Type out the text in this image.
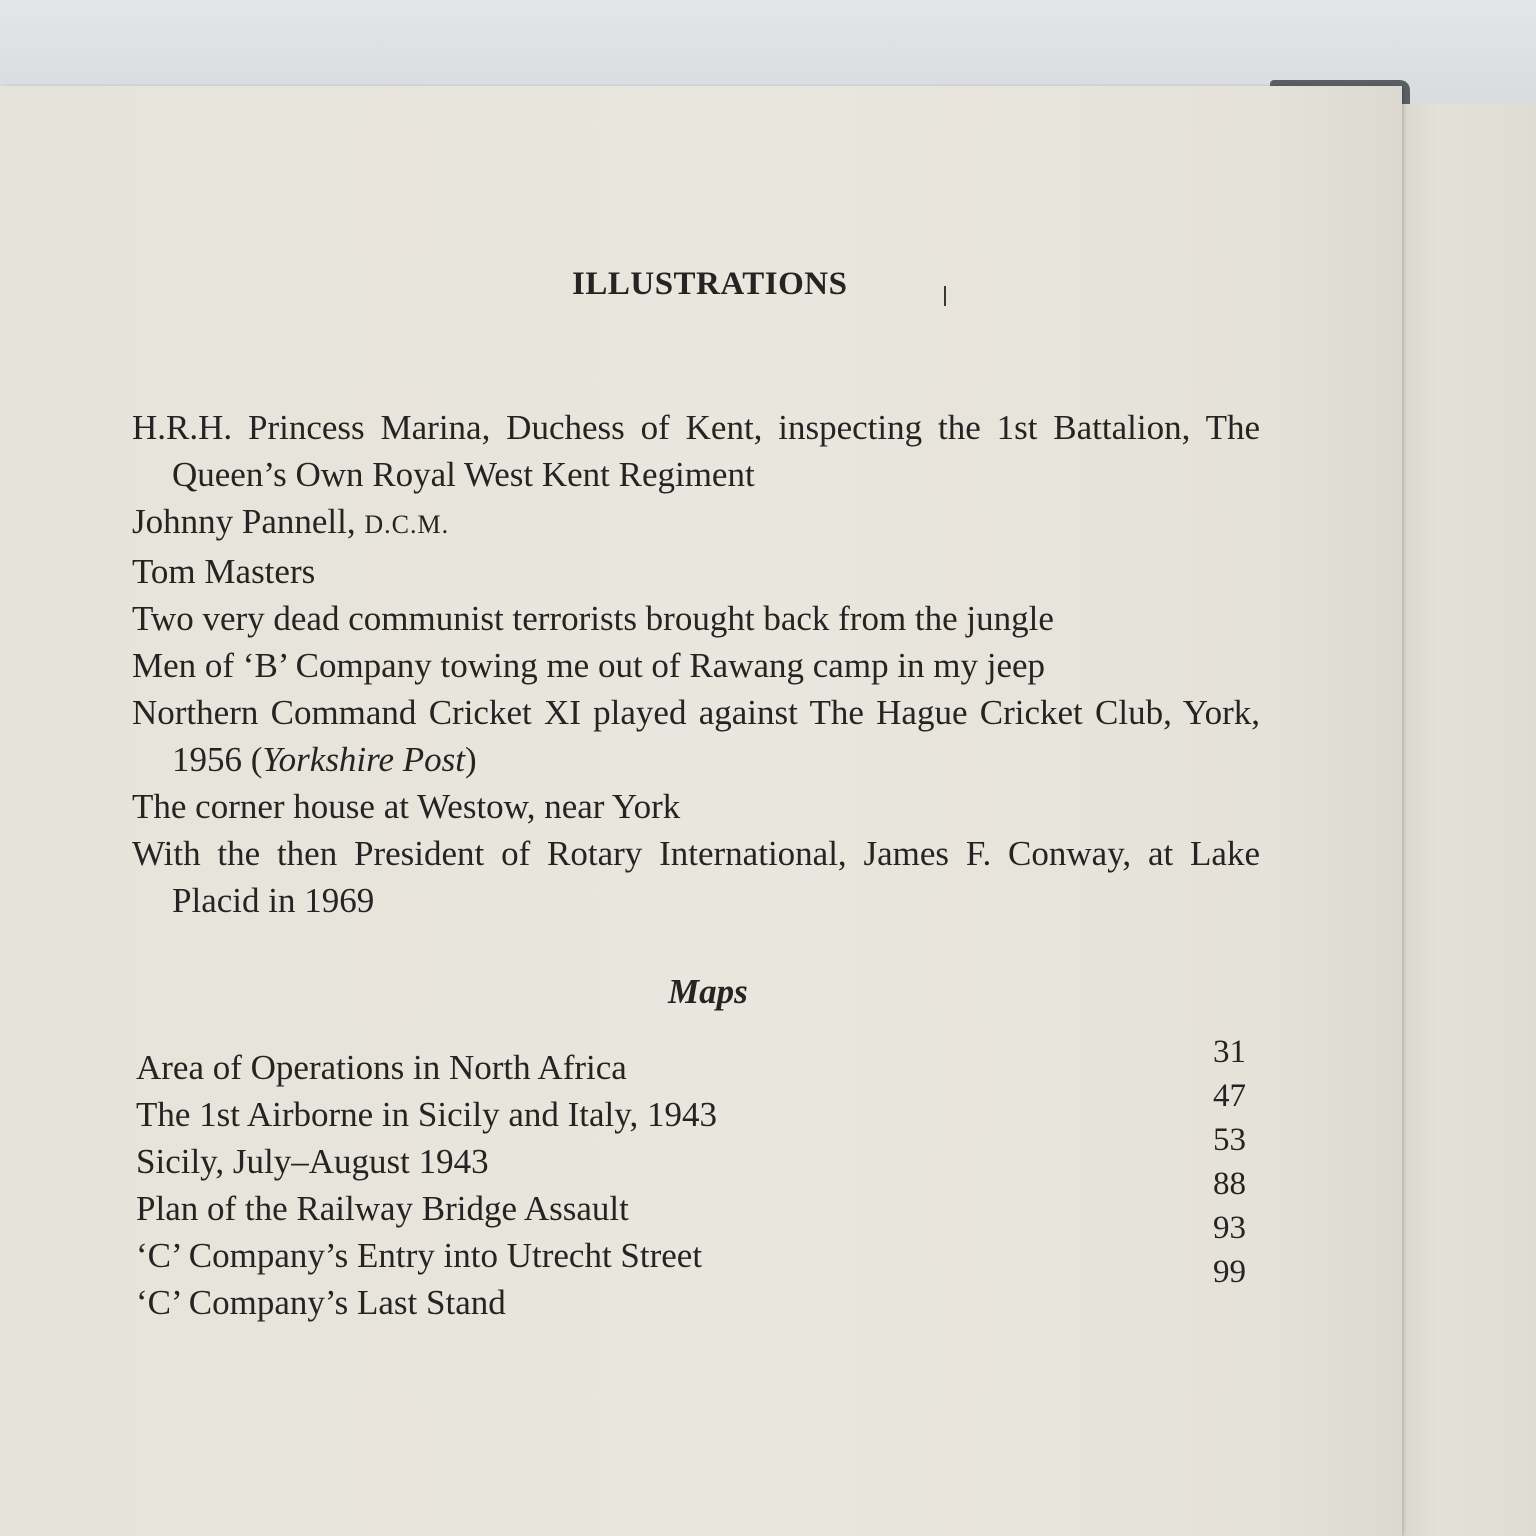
ILLUSTRATIONS
H.R.H. Princess Marina, Duchess of Kent, inspecting the 1st Battalion, The Queen’s Own Royal West Kent Regiment
Johnny Pannell, D.C.M.
Tom Masters
Two very dead communist terrorists brought back from the jungle
Men of ‘B’ Company towing me out of Rawang camp in my jeep
Northern Command Cricket XI played against The Hague Cricket Club, York, 1956 (Yorkshire Post)
The corner house at Westow, near York
With the then President of Rotary International, James F. Conway, at Lake Placid in 1969
Maps
Area of Operations in North Africa
The 1st Airborne in Sicily and Italy, 1943
Sicily, July–August 1943
Plan of the Railway Bridge Assault
‘C’ Company’s Entry into Utrecht Street
‘C’ Company’s Last Stand
31
47
53
88
93
99
